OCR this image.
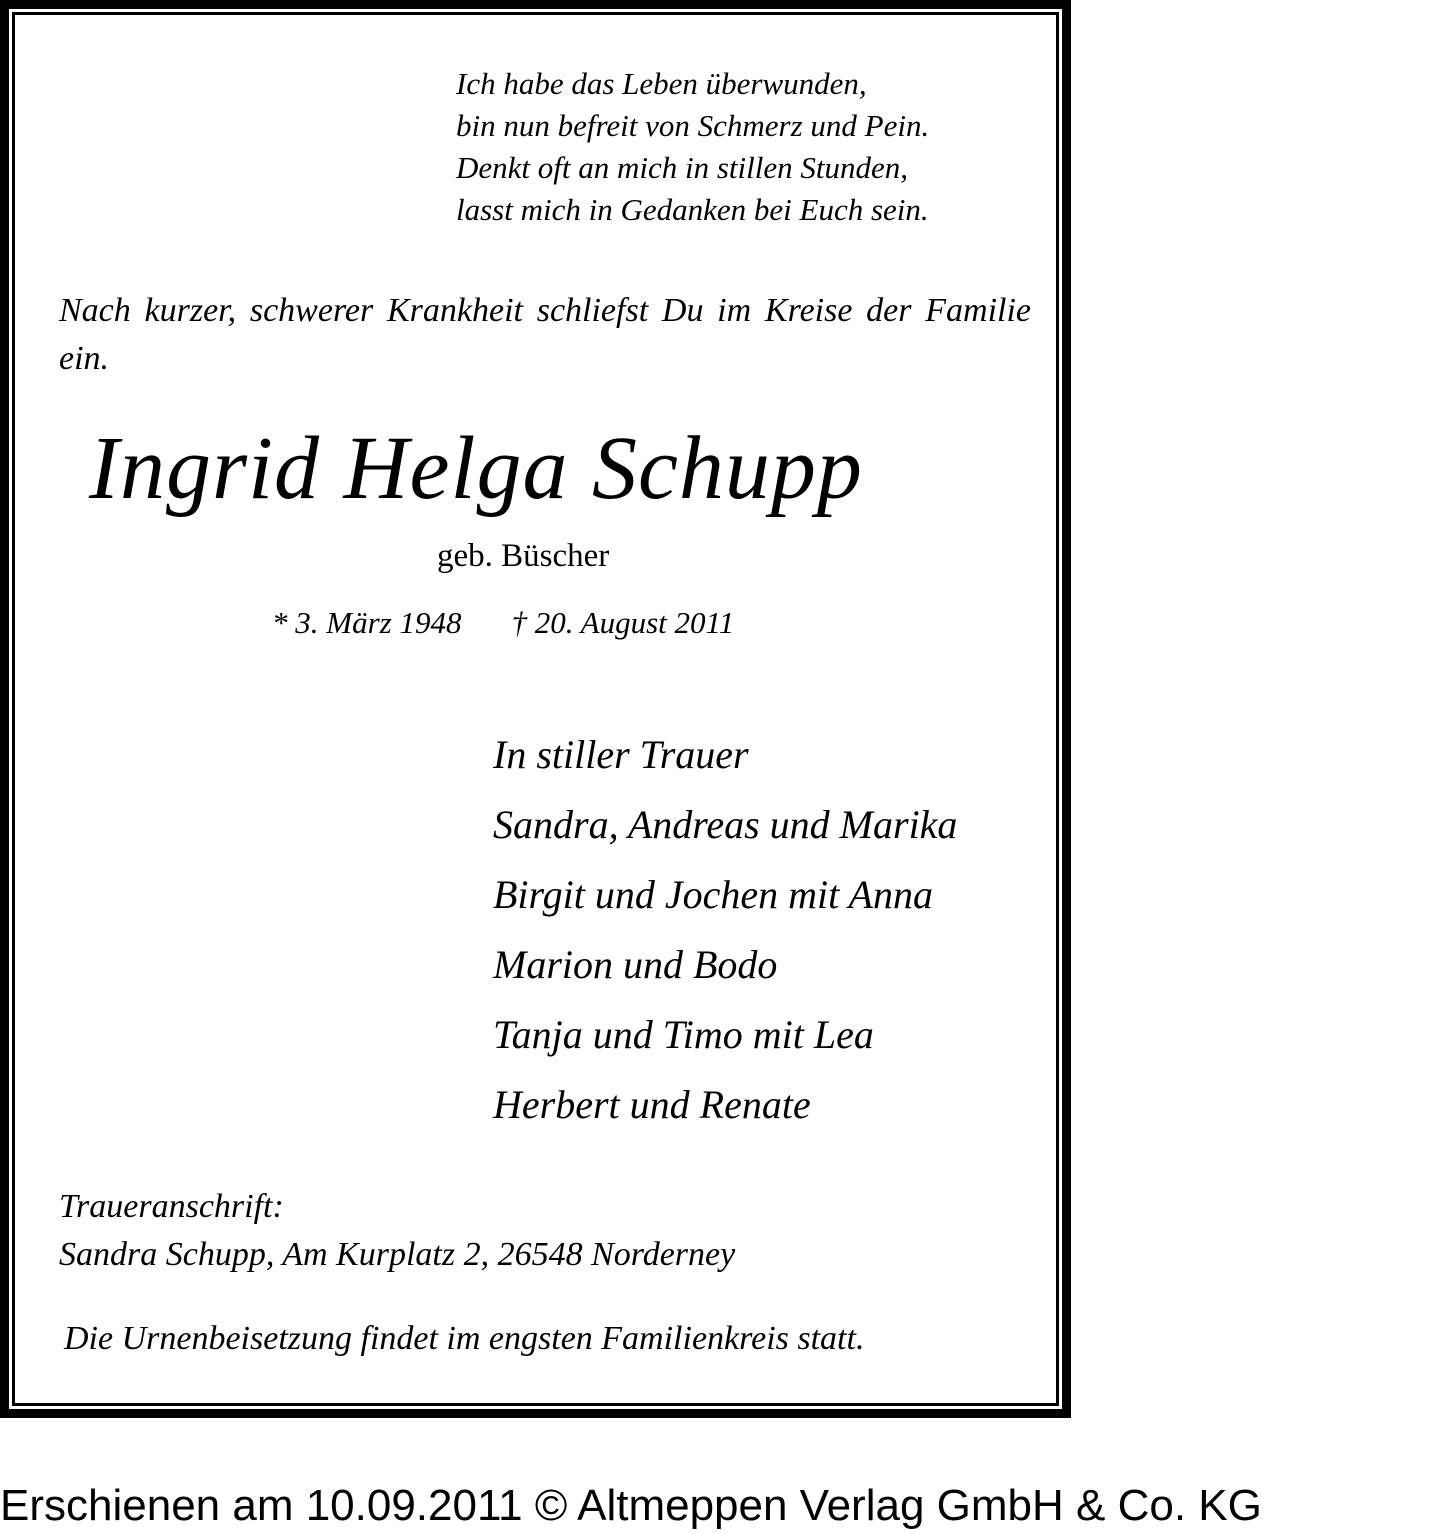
Ich habe das Leben überwunden,
bin nun befreit von Schmerz und Pein.
Denkt oft an mich in stillen Stunden,
lasst mich in Gedanken bei Euch sein.
Nach kurzer, schwerer Krankheit schliefst Du im Kreise der Familie ein.
Ingrid Helga Schupp
geb. Büscher
* 3. März 1948 † 20. August 2011
In stiller Trauer
Sandra, Andreas und Marika
Birgit und Jochen mit Anna
Marion und Bodo
Tanja und Timo mit Lea
Herbert und Renate
Traueranschrift:
Sandra Schupp, Am Kurplatz 2, 26548 Norderney
Die Urnenbeisetzung findet im engsten Familienkreis statt.
Erschienen am 10.09.2011 © Altmeppen Verlag GmbH & Co. KG
